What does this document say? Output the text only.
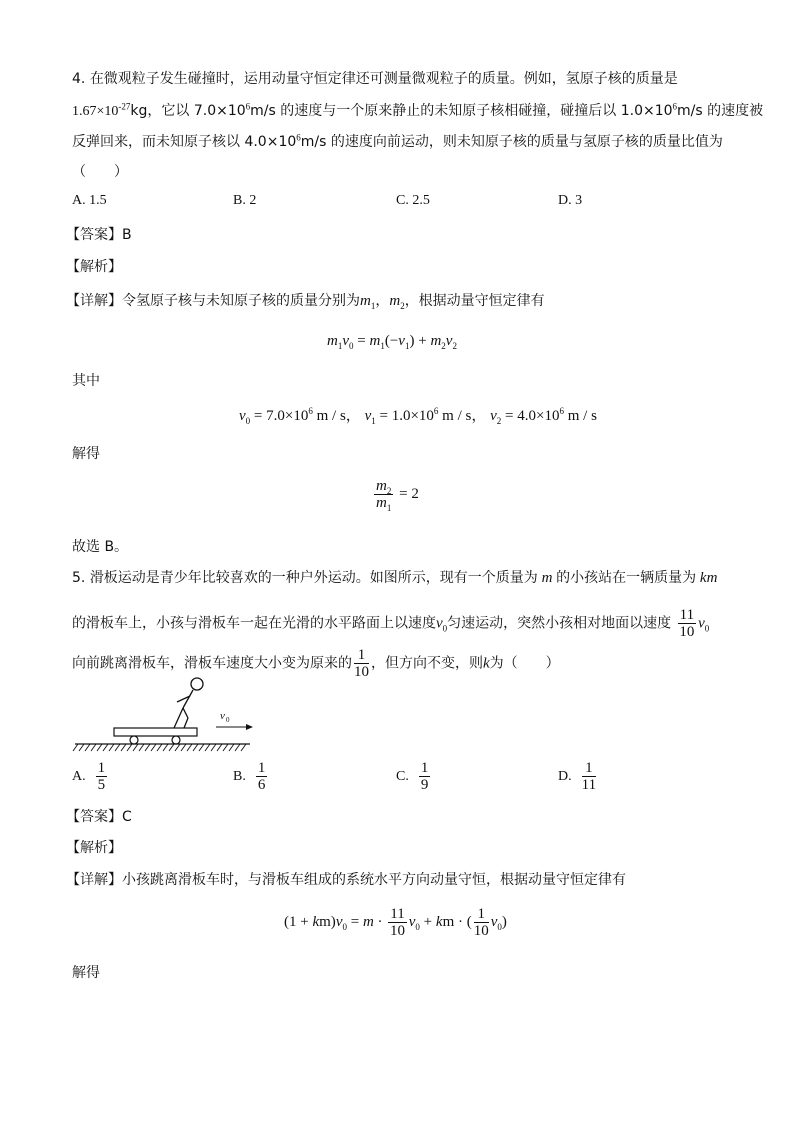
4. 在微观粒子发生碰撞时，运用动量守恒定律还可测量微观粒子的质量。例如，氢原子核的质量是
$1.67\times 10^{-27}kg$，它以 $7.0\times 10^6m/s$ 的速度与一个原来静止的未知原子核相碰撞，碰撞后以 $1.0\times 10^6m/s$ 的速度被
反弹回来，而未知原子核以 $4.0\times 10^6m/s$ 的速度向前运动，则未知原子核的质量与氢原子核的质量比值为
（　　）
A. 1.5	B. 2	C. 2.5	D. 3
【答案】B
【解析】
【详解】令氢原子核与未知原子核的质量分别为$m_1$，$m_2$，根据动量守恒定律有
$m_1v_0 = m_1(-v_1) + m_2v_2$
其中
$v_0 = 7.0\times 10^6$ m / s， $v_1 = 1.0\times 10^6$ m / s， $v_2 = 4.0\times 10^6$ m / s
解得
$\frac{m_2}{m_1} = 2$
故选 B。
5. 滑板运动是青少年比较喜欢的一种户外运动。如图所示，现有一个质量为 m 的小孩站在一辆质量为 km
的滑板车上，小孩与滑板车一起在光滑的水平路面上以速度$v_0$匀速运动，突然小孩相对地面以速度 $\frac{11}{10} v_0$
向前跳离滑板车，滑板车速度大小变为原来的 $\frac{1}{10}$ ，但方向不变，则k为（　　）
v 0
A. $\frac{1}{5}$	B. $\frac{1}{6}$	C. $\frac{1}{9}$	D. $\frac{1}{11}$
【答案】C
【解析】
【详解】小孩跳离滑板车时，与滑板车组成的系统水平方向动量守恒，根据动量守恒定律有
$(1 + km)v_0 = m \cdot \frac{11}{10} v_0$ + km · ( $\frac{1}{10} v_0$)
解得
